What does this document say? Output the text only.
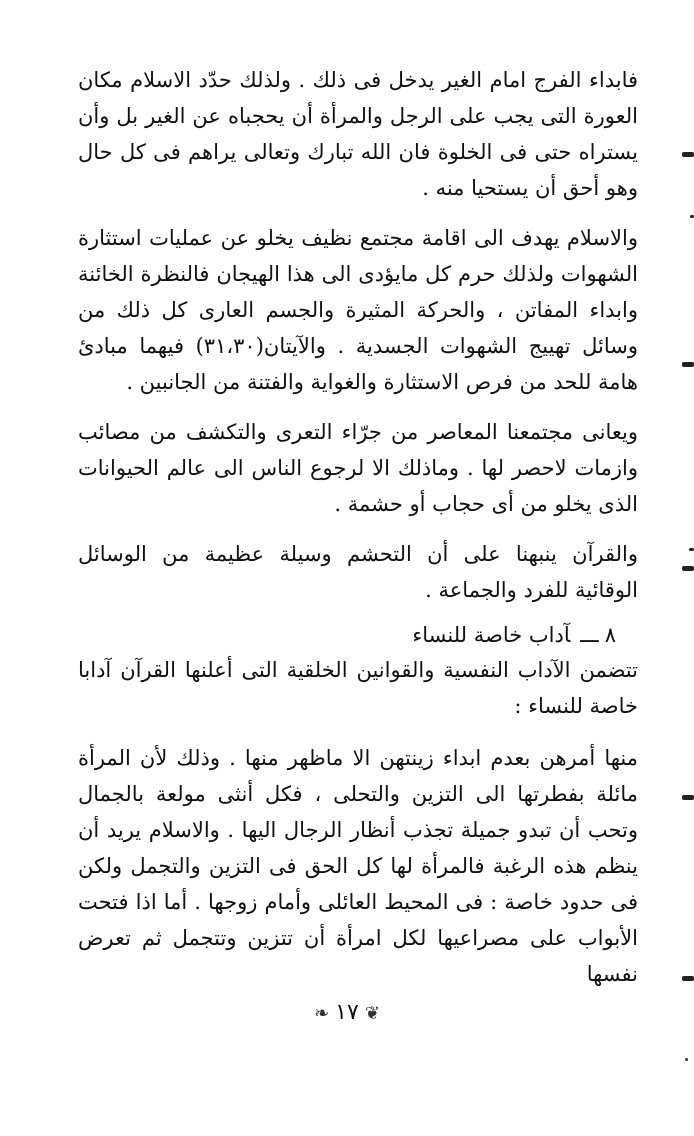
فابداء الفرج امام الغير يدخل فى ذلك . ولذلك حدّد الاسلام مكان العورة التى يجب على الرجل والمرأة أن يحجباه عن الغير بل وأن يستراه حتى فى الخلوة فان الله تبارك وتعالى يراهم فى كل حال وهو أحق أن يستحيا منه .

والاسلام يهدف الى اقامة مجتمع نظيف يخلو عن عمليات استثارة الشهوات ولذلك حرم كل مايؤدى الى هذا الهيجان فالنظرة الخائنة وابداء المفاتن ، والحركة المثيرة والجسم العارى كل ذلك من وسائل تهييج الشهوات الجسدية . والآيتان(٣١،٣٠) فيهما مبادئ هامة للحد من فرص الاستثارة والغواية والفتنة من الجانبين .

ويعانى مجتمعنا المعاصر من جرّاء التعرى والتكشف من مصائب وازمات لاحصر لها . وماذلك الا لرجوع الناس الى عالم الحيوانات الذى يخلو من أى حجاب أو حشمة .

والقرآن ينبهنا على أن التحشم وسيلة عظيمة من الوسائل الوقائية للفرد والجماعة .

٨ـــآداب خاصة للنساء

تتضمن الآداب النفسية والقوانين الخلقية التى أعلنها القرآن آدابا خاصة للنساء :

منها أمرهن بعدم ابداء زينتهن الا ماظهر منها . وذلك لأن المرأة مائلة بفطرتها الى التزين والتحلى ، فكل أنثى مولعة بالجمال وتحب أن تبدو جميلة تجذب أنظار الرجال اليها . والاسلام يريد أن ينظم هذه الرغبة فالمرأة لها كل الحق فى التزين والتجمل ولكن فى حدود خاصة : فى المحيط العائلى وأمام زوجها . أما اذا فتحت الأبواب على مصراعيها لكل امرأة أن تتزين وتتجمل ثم تعرض نفسها

❦١٧❧
